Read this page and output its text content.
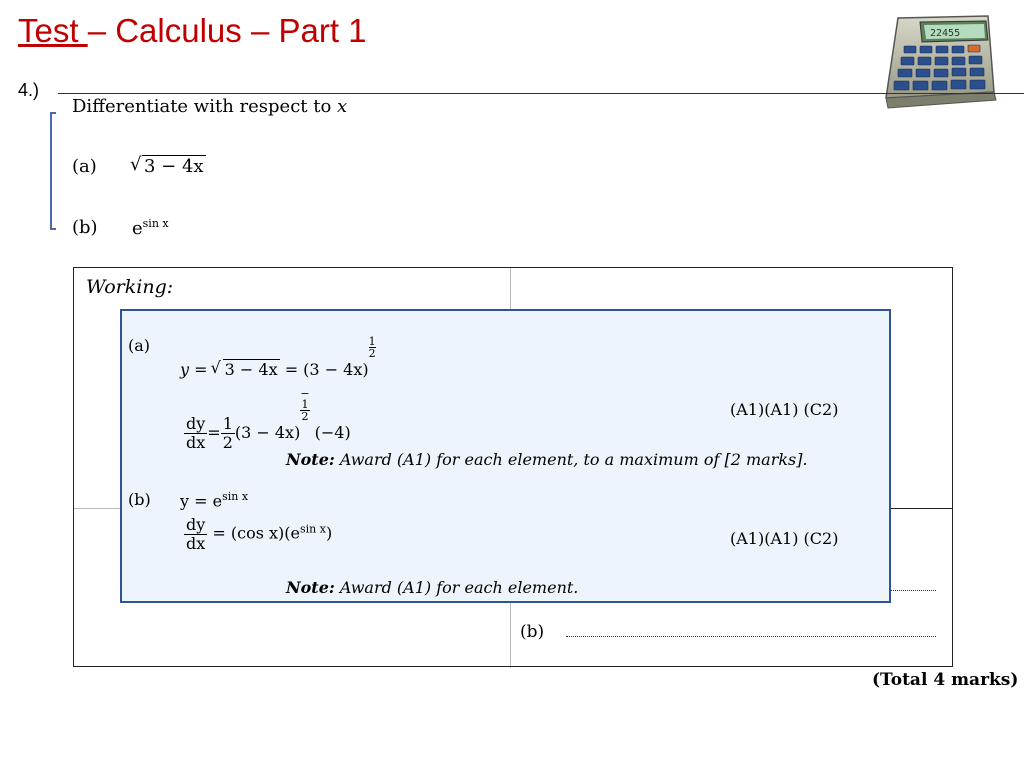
Test – Calculus – Part 1	22455
4.)
Differentiate with respect to x
(a)
√	3 − 4x
(b) $e^{sin x}$
Working:
(b)
(a)
y = √ 3 − 4x = (3 − 4x)
$\frac{1}{2}$
$\frac{dy}{dx} = \frac{1}{2} (3 - 4x)$
−
1
2
(−4)
(A1)(A1) (C2)
Note: Award (A1) for each element, to a maximum of [2 marks].
(b) $y = e^{sin x}$
$\frac{dy}{dx} = (\cos$ $x)(e^{sin x})$	(A1)(A1) (C2)
Note: Award (A1) for each element.
(Total 4 marks)
